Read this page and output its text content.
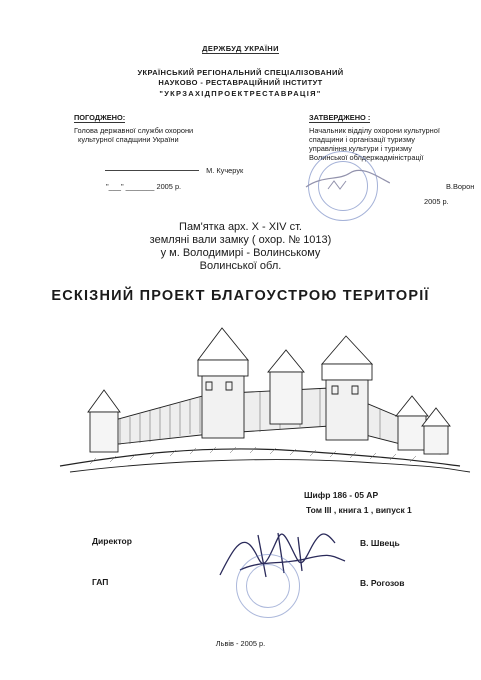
ДЕРЖБУД УКРАЇНИ
УКРАЇНСЬКИЙ РЕГІОНАЛЬНИЙ СПЕЦІАЛІЗОВАНИЙ
НАУКОВО - РЕСТАВРАЦІЙНИЙ ІНСТИТУТ
"УКРЗАХІДПРОЕКТРЕСТАВРАЦІЯ"
ПОГОДЖЕНО:
Голова державної служби охорони
культурної спадщини України
М. Кучерук
"___" _______ 2005 р.
ЗАТВЕРДЖЕНО :
Начальник відділу охорони культурної
спадщини і організації туризму
управління культури і туризму
Волинської облдержадміністрації
В.Ворон
2005 р.
Пам'ятка арх. Х - ХІV ст.
земляні вали замку ( охор. № 1013)
у м. Володимирі - Волинському
Волинської обл.
ЕСКІЗНИЙ ПРОЕКТ БЛАГОУСТРОЮ ТЕРИТОРІЇ
Шифр 186 - 05 АР
Том ІІІ , книга 1 , випуск 1
Директор	В. Швець
ГАП	В. Рогозов
Львів - 2005 р.
